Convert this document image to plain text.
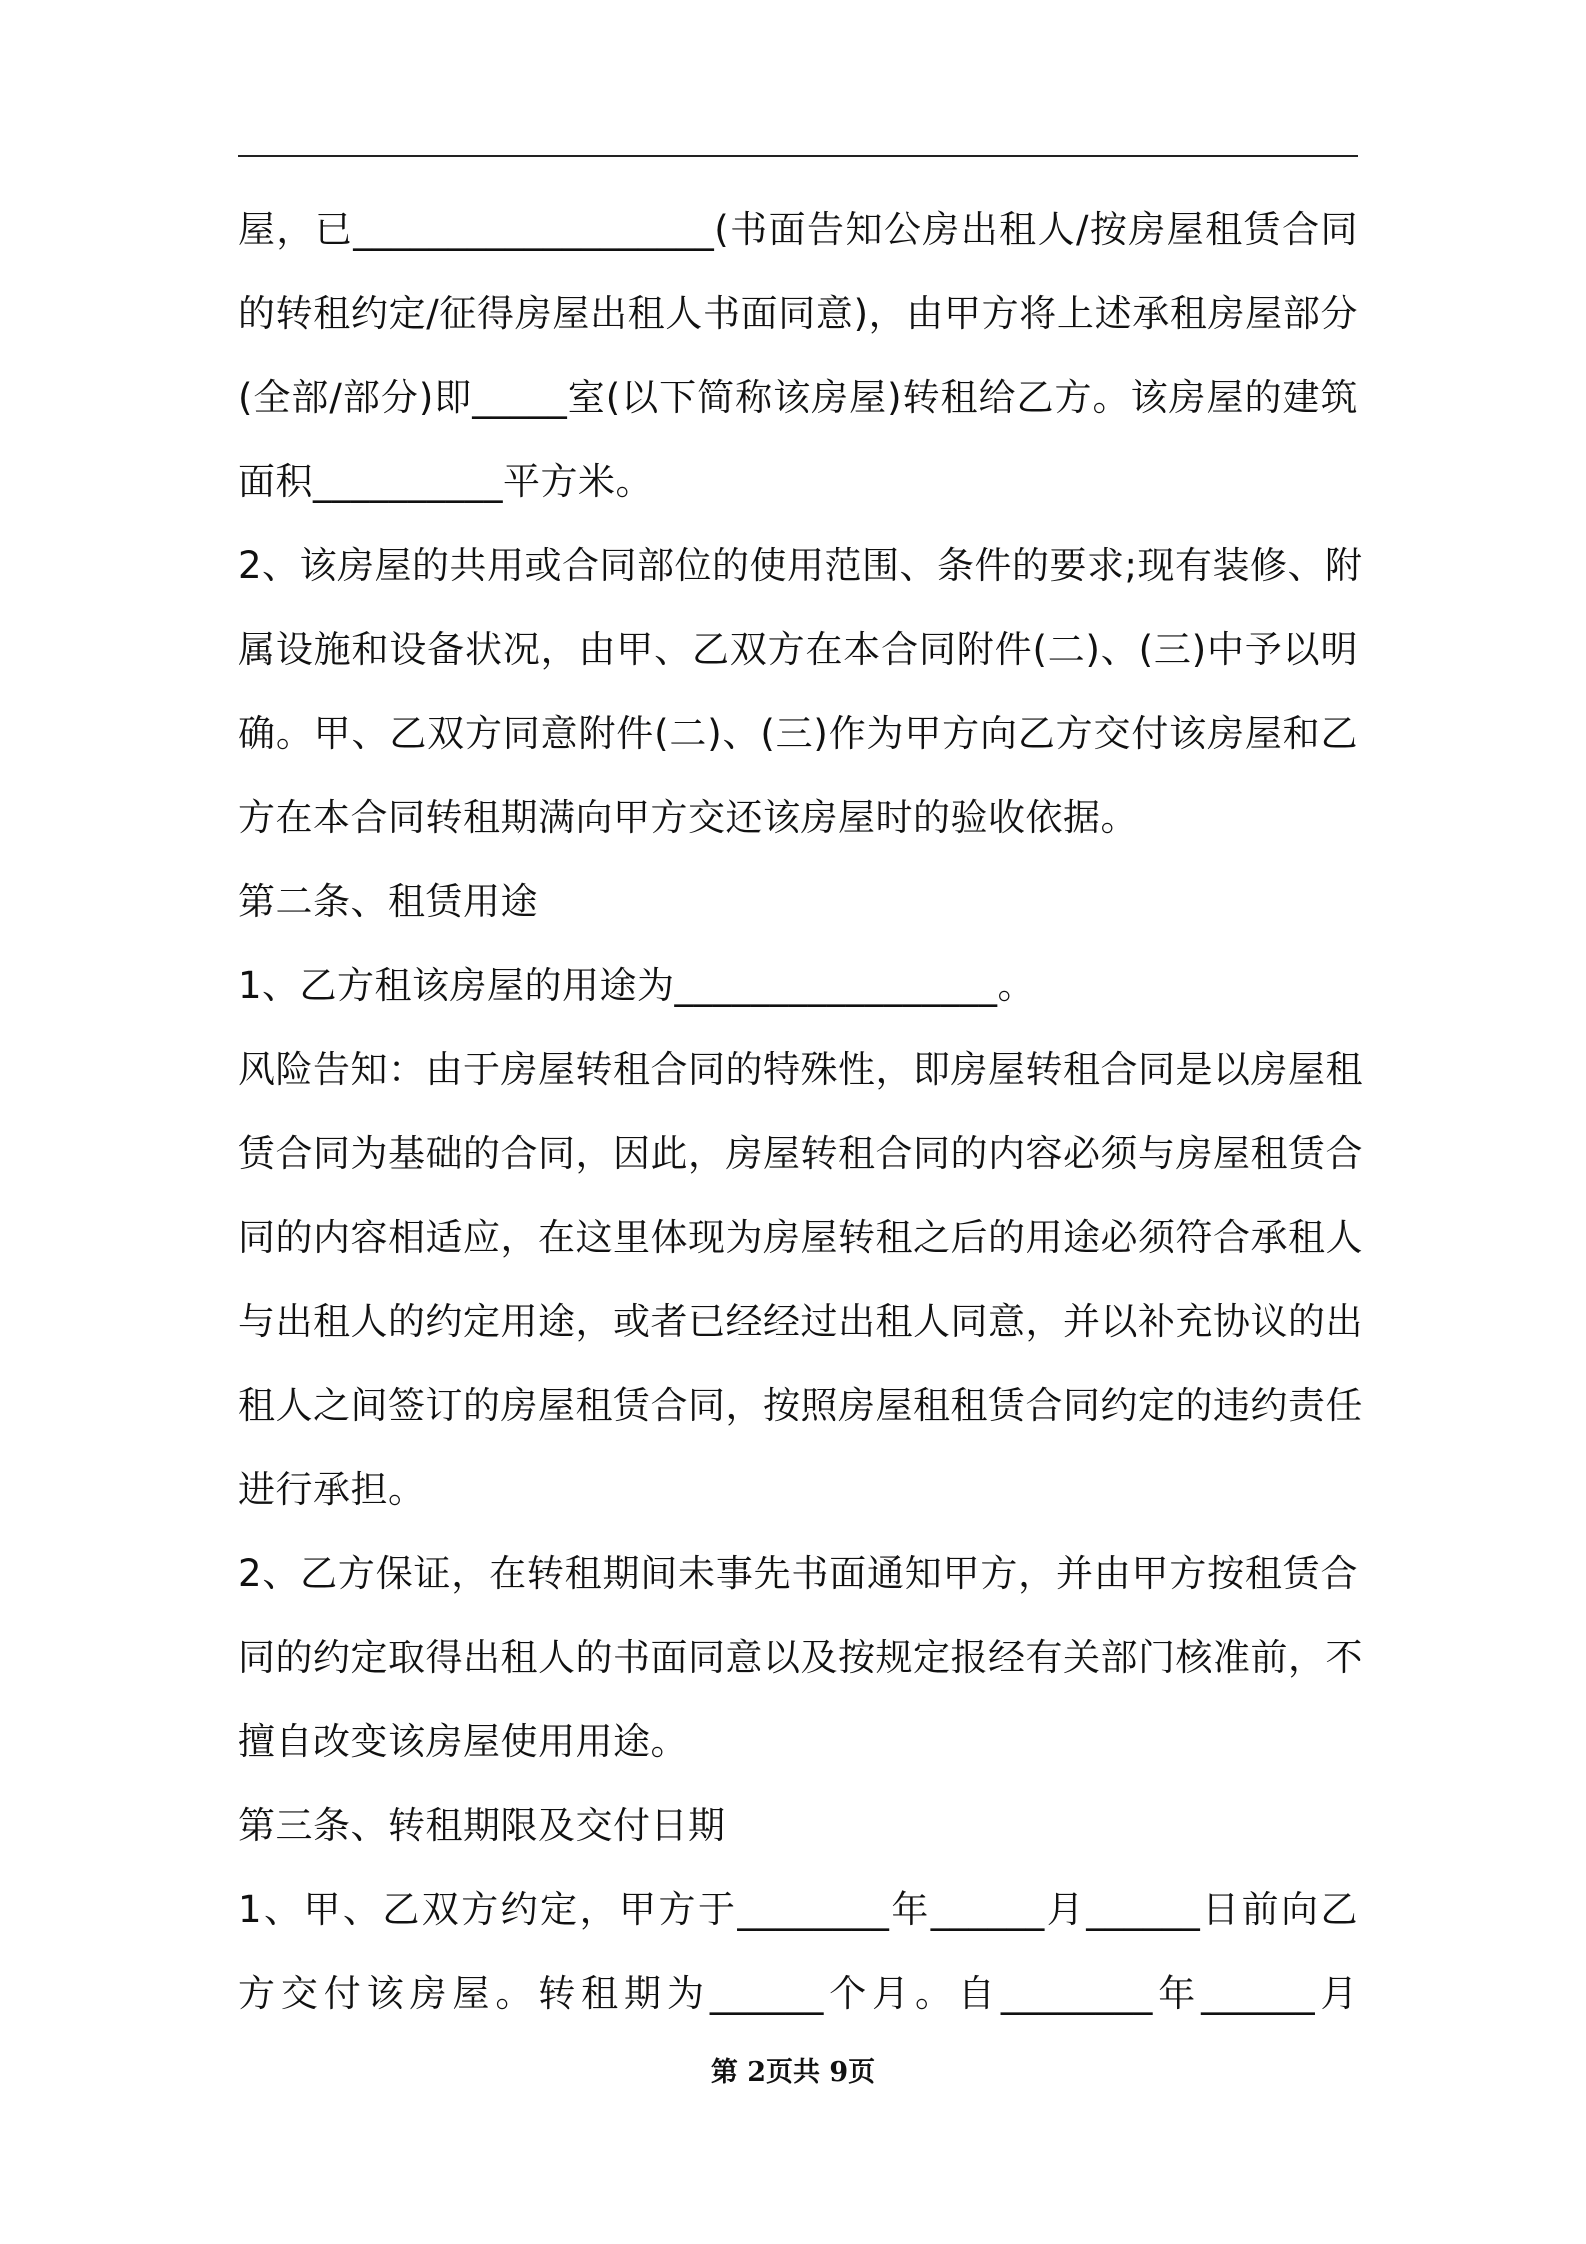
屋，已___________________(书面告知公房出租人/按房屋租赁合同
的转租约定/征得房屋出租人书面同意)，由甲方将上述承租房屋部分
(全部/部分)即_____室(以下简称该房屋)转租给乙方。该房屋的建筑
面积__________平方米。
2、该房屋的共用或合同部位的使用范围、条件的要求;现有装修、附
属设施和设备状况，由甲、乙双方在本合同附件(二)、(三)中予以明
确。甲、乙双方同意附件(二)、(三)作为甲方向乙方交付该房屋和乙
方在本合同转租期满向甲方交还该房屋时的验收依据。
第二条、租赁用途
1、乙方租该房屋的用途为_________________。
风险告知：由于房屋转租合同的特殊性，即房屋转租合同是以房屋租
赁合同为基础的合同，因此，房屋转租合同的内容必须与房屋租赁合
同的内容相适应，在这里体现为房屋转租之后的用途必须符合承租人
与出租人的约定用途，或者已经经过出租人同意，并以补充协议的出
租人之间签订的房屋租赁合同，按照房屋租租赁合同约定的违约责任
进行承担。
2、乙方保证，在转租期间未事先书面通知甲方，并由甲方按租赁合
同的约定取得出租人的书面同意以及按规定报经有关部门核准前，不
擅自改变该房屋使用用途。
第三条、转租期限及交付日期
1、甲、乙双方约定，甲方于________年______月______日前向乙
方交付该房屋。转租期为______个月。自________年______月
第 2页共 9页
